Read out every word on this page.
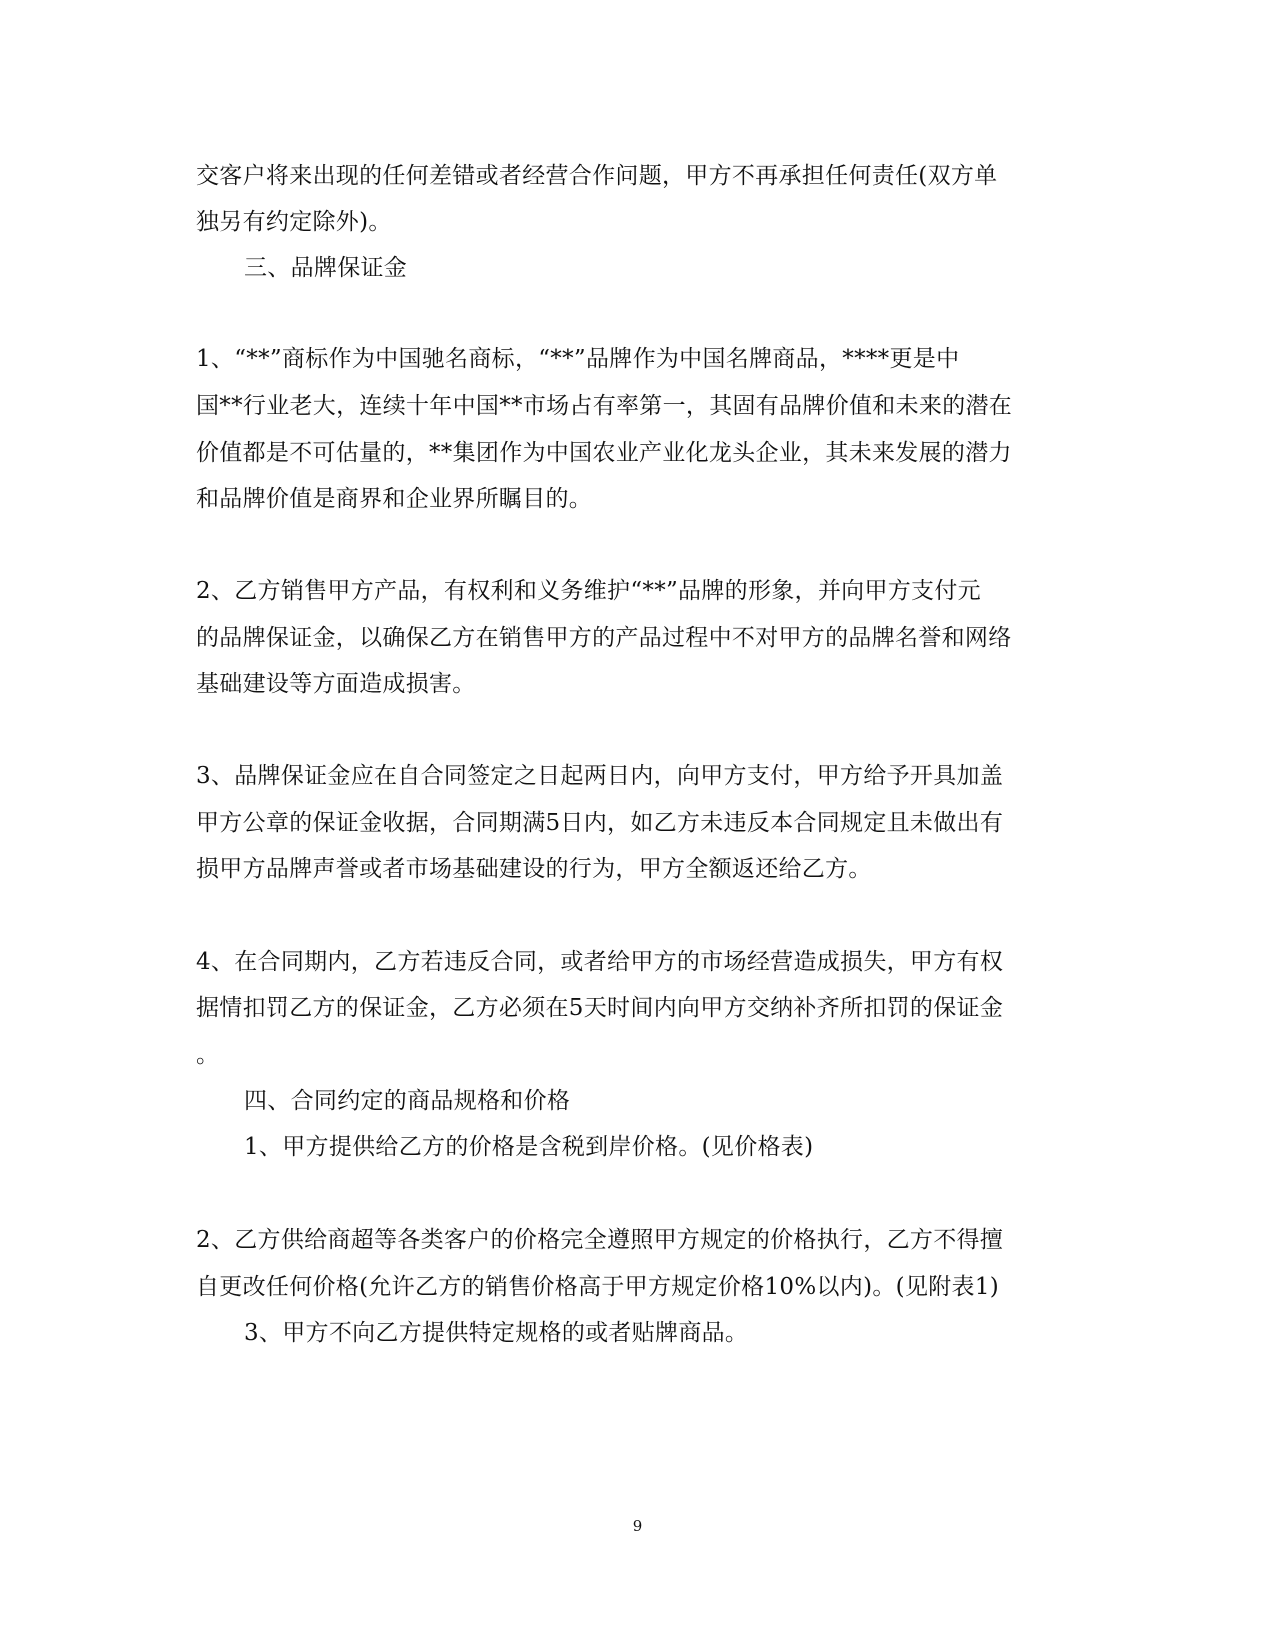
交客户将来出现的任何差错或者经营合作问题，甲方不再承担任何责任(双方单
独另有约定除外)。
三、品牌保证金
1、“**”商标作为中国驰名商标，“**”品牌作为中国名牌商品，****更是中
国**行业老大，连续十年中国**市场占有率第一，其固有品牌价值和未来的潜在
价值都是不可估量的，**集团作为中国农业产业化龙头企业，其未来发展的潜力
和品牌价值是商界和企业界所瞩目的。
2、乙方销售甲方产品，有权利和义务维护“**”品牌的形象，并向甲方支付元
的品牌保证金，以确保乙方在销售甲方的产品过程中不对甲方的品牌名誉和网络
基础建设等方面造成损害。
3、品牌保证金应在自合同签定之日起两日内，向甲方支付，甲方给予开具加盖
甲方公章的保证金收据，合同期满5日内，如乙方未违反本合同规定且未做出有
损甲方品牌声誉或者市场基础建设的行为，甲方全额返还给乙方。
4、在合同期内，乙方若违反合同，或者给甲方的市场经营造成损失，甲方有权
据情扣罚乙方的保证金，乙方必须在5天时间内向甲方交纳补齐所扣罚的保证金
。
四、合同约定的商品规格和价格
1、甲方提供给乙方的价格是含税到岸价格。(见价格表)
2、乙方供给商超等各类客户的价格完全遵照甲方规定的价格执行，乙方不得擅
自更改任何价格(允许乙方的销售价格高于甲方规定价格10%以内)。(见附表1)
3、甲方不向乙方提供特定规格的或者贴牌商品。
9
